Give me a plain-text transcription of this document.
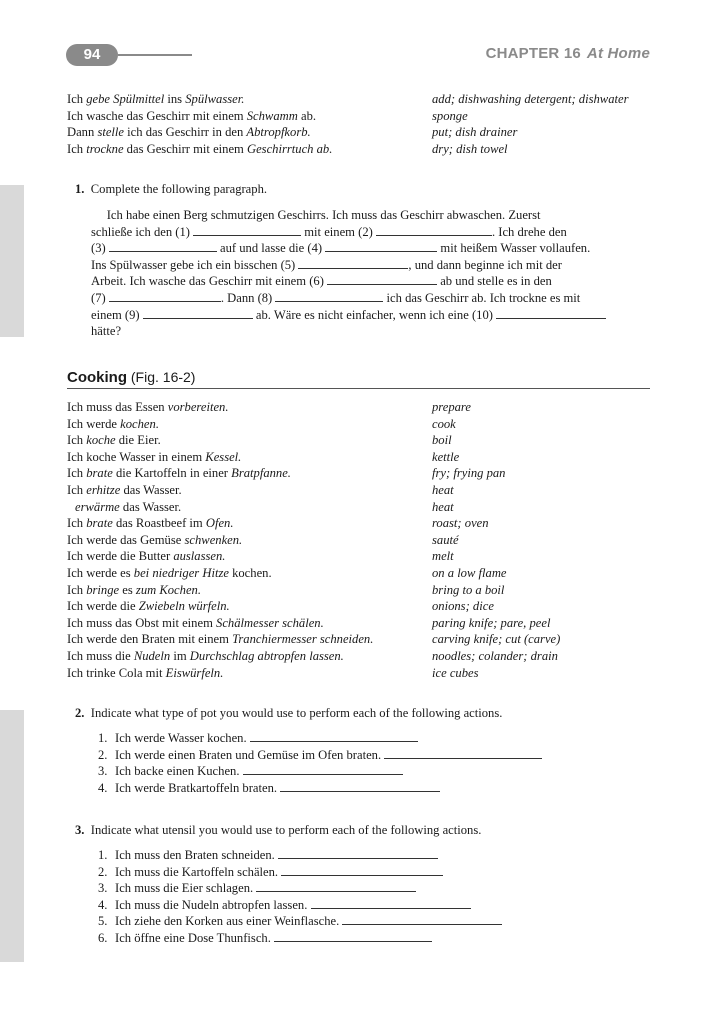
94	CHAPTER 16 At Home
Ich gebe Spülmittel ins Spülwasser.	add; dishwashing detergent; dishwater
Ich wasche das Geschirr mit einem Schwamm ab.	sponge
Dann stelle ich das Geschirr in den Abtropfkorb.	put; dish drainer
Ich trockne das Geschirr mit einem Geschirrtuch ab.	dry; dish towel
1. Complete the following paragraph.
Ich habe einen Berg schmutzigen Geschirrs. Ich muss das Geschirr abwaschen. Zuerst
schließe ich den (1)	mit einem (2)	. Ich drehe den
(3)	auf und lasse die (4)	mit heißem Wasser vollaufen.
Ins Spülwasser gebe ich ein bisschen (5)	, und dann beginne ich mit der
Arbeit. Ich wasche das Geschirr mit einem (6)	ab und stelle es in den
(7)	. Dann (8)	ich das Geschirr ab. Ich trockne es mit
einem (9)	ab. Wäre es nicht einfacher, wenn ich eine (10)
hätte?
Cooking (Fig. 16-2)
Ich muss das Essen vorbereiten.	prepare
Ich werde kochen.	cook
Ich koche die Eier.	boil
Ich koche Wasser in einem Kessel.	kettle
Ich brate die Kartoffeln in einer Bratpfanne.	fry; frying pan
Ich erhitze das Wasser.	heat
erwärme das Wasser.	heat
Ich brate das Roastbeef im Ofen.	roast; oven
Ich werde das Gemüse schwenken.	sauté
Ich werde die Butter auslassen.	melt
Ich werde es bei niedriger Hitze kochen.	on a low flame
Ich bringe es zum Kochen.	bring to a boil
Ich werde die Zwiebeln würfeln.	onions; dice
Ich muss das Obst mit einem Schälmesser schälen.	paring knife; pare, peel
Ich werde den Braten mit einem Tranchiermesser schneiden.	carving knife; cut (carve)
Ich muss die Nudeln im Durchschlag abtropfen lassen.	noodles; colander; drain
Ich trinke Cola mit Eiswürfeln.	ice cubes
2. Indicate what type of pot you would use to perform each of the following actions.
1. Ich werde Wasser kochen.
2. Ich werde einen Braten und Gemüse im Ofen braten.
3. Ich backe einen Kuchen.
4. Ich werde Bratkartoffeln braten.
3. Indicate what utensil you would use to perform each of the following actions.
1. Ich muss den Braten schneiden.
2. Ich muss die Kartoffeln schälen.
3. Ich muss die Eier schlagen.
4. Ich muss die Nudeln abtropfen lassen.
5. Ich ziehe den Korken aus einer Weinflasche.
6. Ich öffne eine Dose Thunfisch.
